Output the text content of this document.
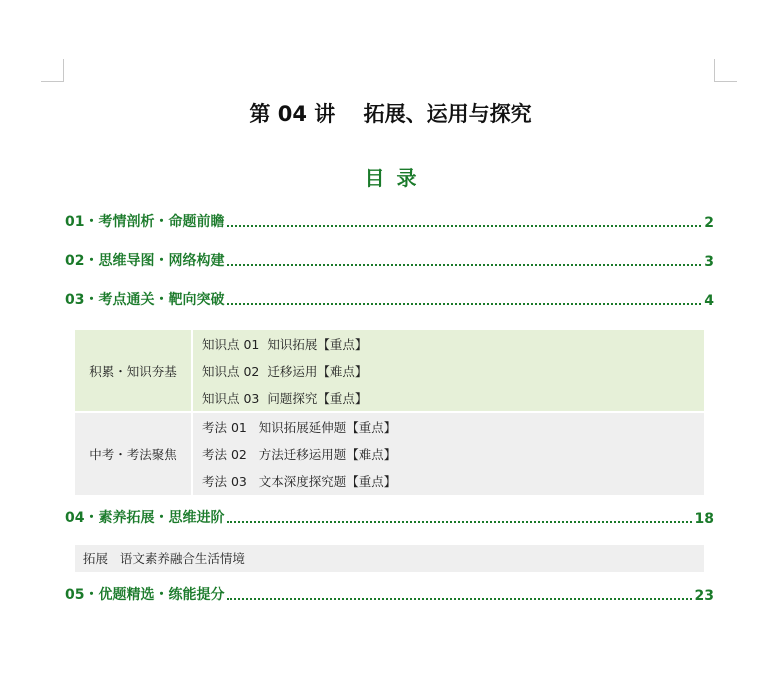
第 04 讲　 拓展、运用与探究
目录
01・考情剖析・命题前瞻	2
02・思维导图・网络构建	3
03・考点通关・靶向突破	4
积累・知识夯基
知识点 01  知识拓展【重点】
知识点 02  迁移运用【难点】
知识点 03  问题探究【重点】
中考・考法聚焦
考法 01   知识拓展延伸题【重点】
考法 02   方法迁移运用题【难点】
考法 03   文本深度探究题【重点】
04・素养拓展・思维进阶	18
拓展   语文素养融合生活情境
05・优题精选・练能提分	23
